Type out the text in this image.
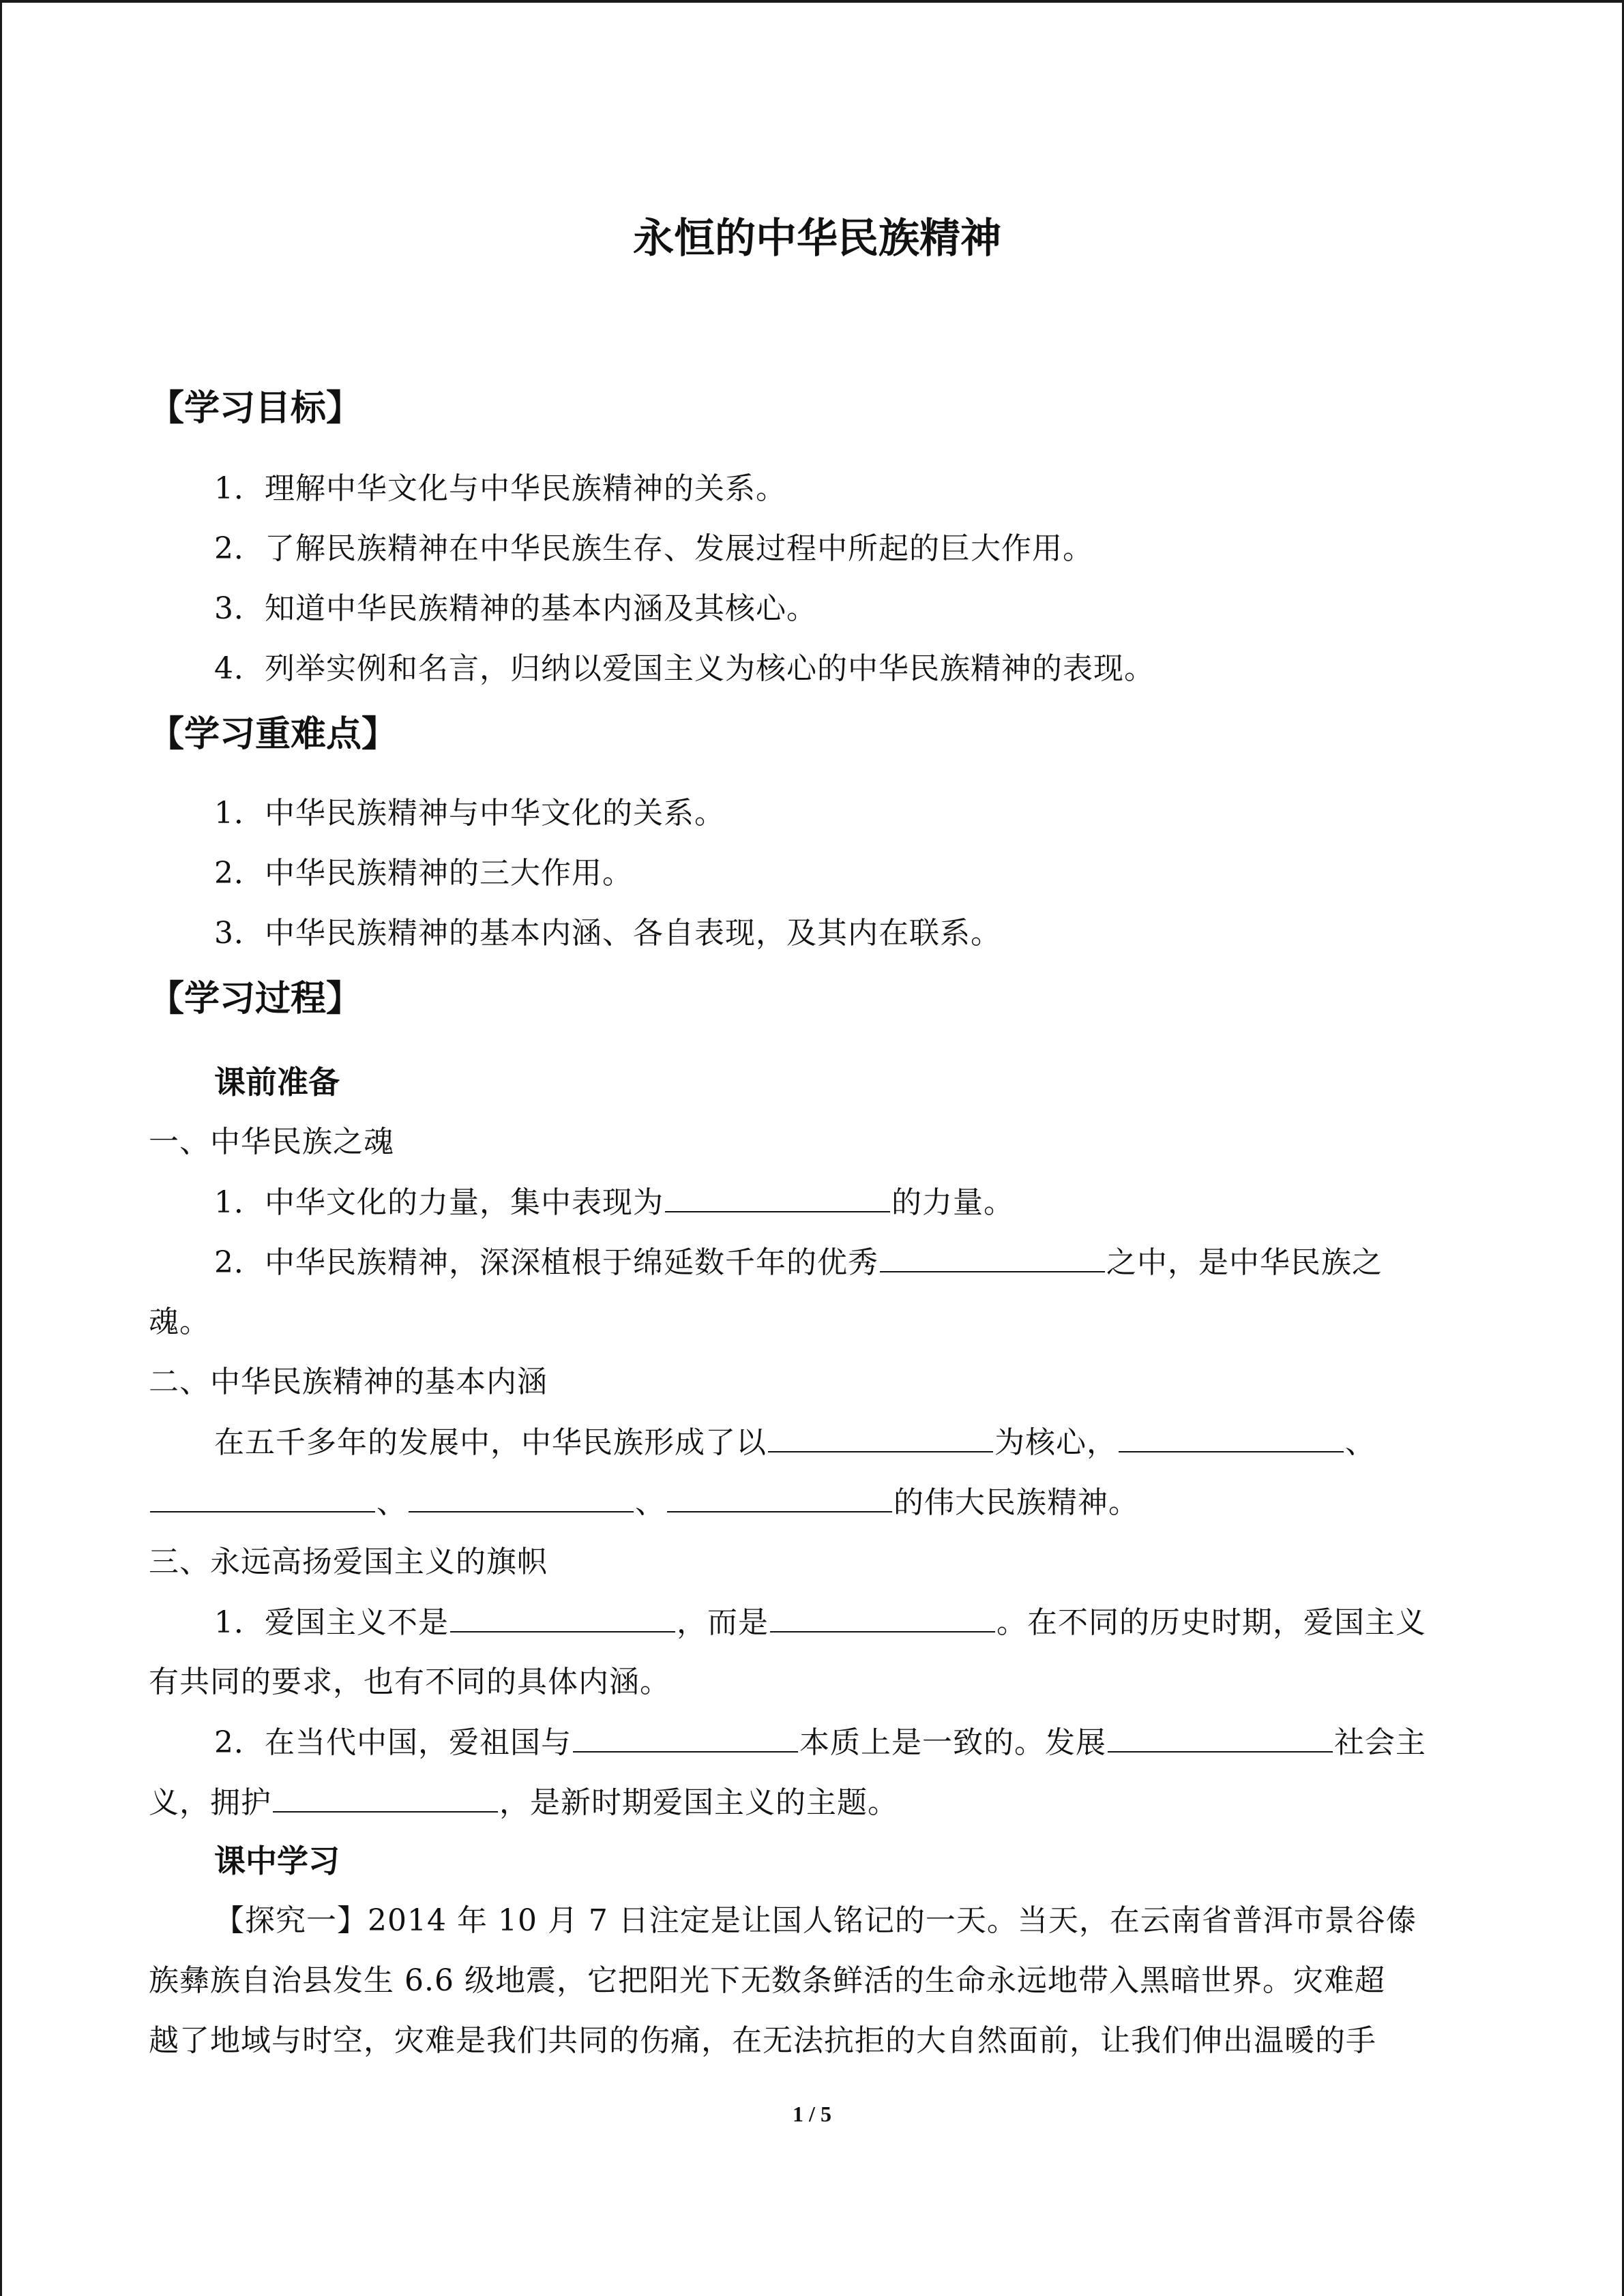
永恒的中华民族精神
【学习目标】
1．理解中华文化与中华民族精神的关系。
2．了解民族精神在中华民族生存、发展过程中所起的巨大作用。
3．知道中华民族精神的基本内涵及其核心。
4．列举实例和名言，归纳以爱国主义为核心的中华民族精神的表现。
【学习重难点】
1．中华民族精神与中华文化的关系。
2．中华民族精神的三大作用。
3．中华民族精神的基本内涵、各自表现，及其内在联系。
【学习过程】
课前准备
一、中华民族之魂
1．中华文化的力量，集中表现为	的力量。
2．中华民族精神，深深植根于绵延数千年的优秀	之中，是中华民族之
魂。
二、中华民族精神的基本内涵
在五千多年的发展中，中华民族形成了以	为核心，	、
、	、	的伟大民族精神。
三、永远高扬爱国主义的旗帜
1．爱国主义不是	，而是	。在不同的历史时期，爱国主义
有共同的要求，也有不同的具体内涵。
2．在当代中国，爱祖国与	本质上是一致的。发展	社会主
义，拥护	，是新时期爱国主义的主题。
课中学习
【探究一】2014 年 10 月 7 日注定是让国人铭记的一天。当天，在云南省普洱市景谷傣
族彝族自治县发生 6.6 级地震，它把阳光下无数条鲜活的生命永远地带入黑暗世界。灾难超
越了地域与时空，灾难是我们共同的伤痛，在无法抗拒的大自然面前，让我们伸出温暖的手
1 / 5
